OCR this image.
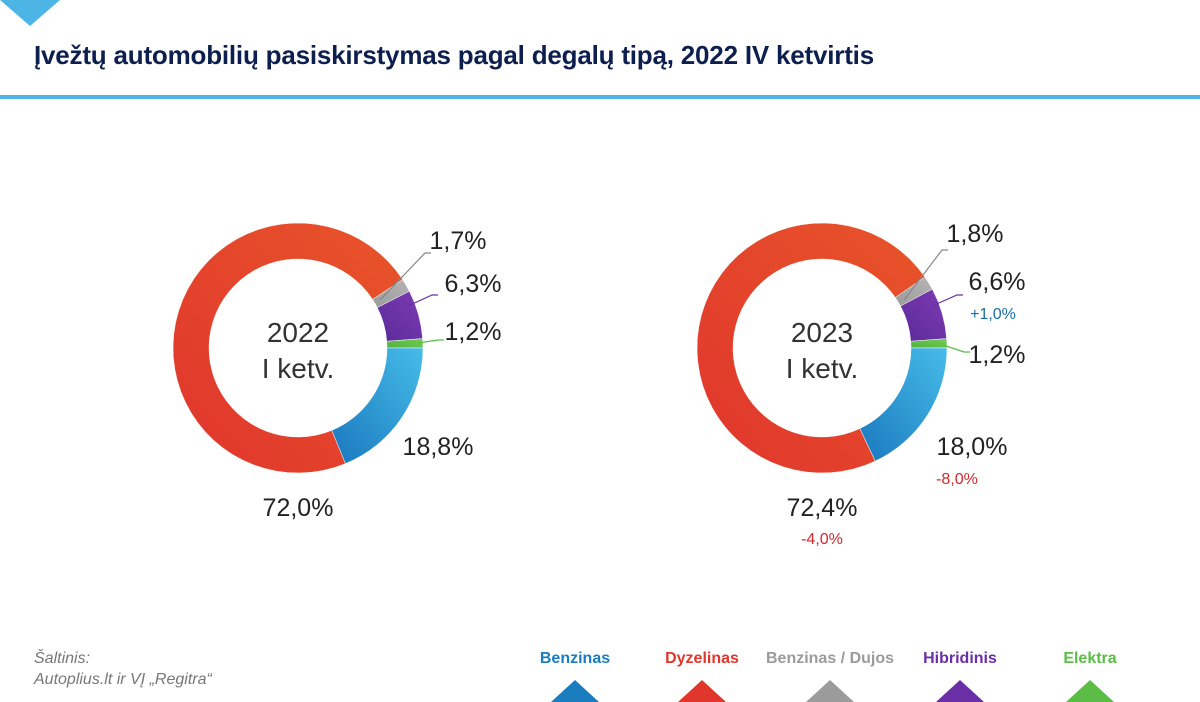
Įvežtų automobilių pasiskirstymas pagal degalų tipą, 2022 IV ketvirtis
2022
I ketv.
72,0%
1,7%
6,3%
1,2%
18,8%
2023
I ketv.
72,4%
-4,0%
1,8%
6,6%
+1,0%
1,2%
18,0%
-8,0%
Šaltinis:
Autoplius.lt ir VĮ „Regitra“
Benzinas	Dyzelinas	Benzinas / Dujos	Hibridinis	Elektra
